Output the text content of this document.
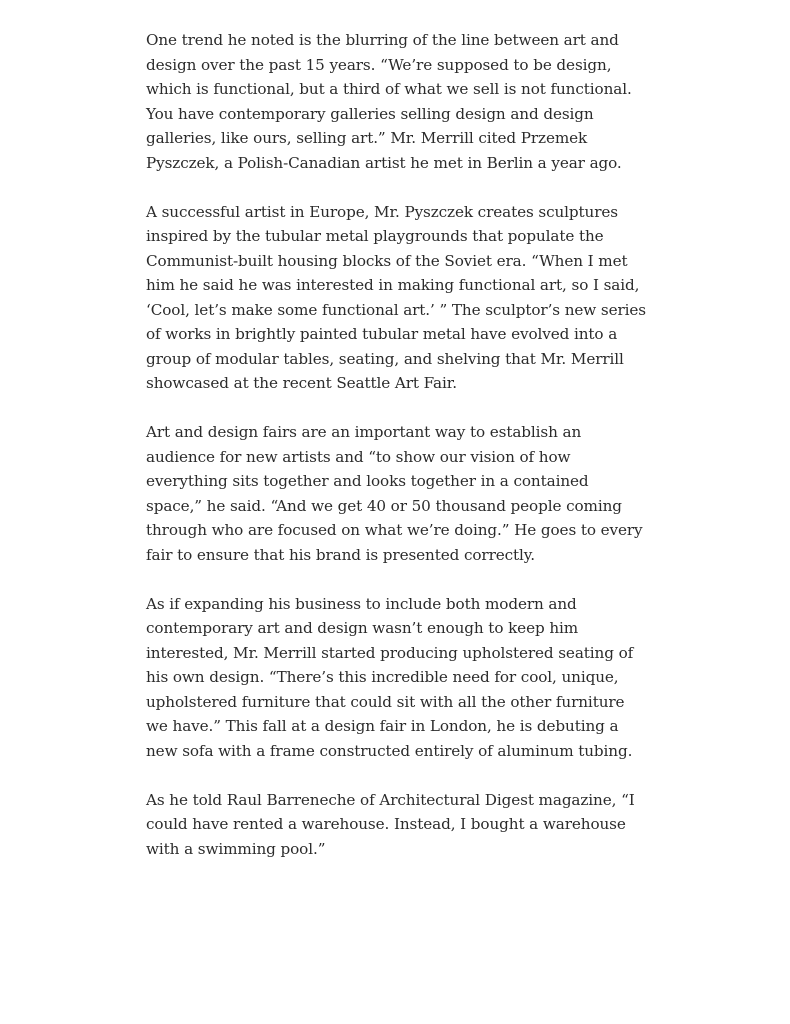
One trend he noted is the blurring of the line between art and design over the past 15 years. “We’re supposed to be design, which is functional, but a third of what we sell is not functional. You have contemporary galleries selling design and design galleries, like ours, selling art.” Mr. Merrill cited Przemek Pyszczek, a Polish-Canadian artist he met in Berlin a year ago.

A successful artist in Europe, Mr. Pyszczek creates sculptures inspired by the tubular metal playgrounds that populate the Communist-built housing blocks of the Soviet era. “When I met him he said he was interested in making functional art, so I said, ‘Cool, let’s make some functional art.’ ” The sculptor’s new series of works in brightly painted tubular metal have evolved into a group of modular tables, seating, and shelving that Mr. Merrill showcased at the recent Seattle Art Fair.

Art and design fairs are an important way to establish an audience for new artists and “to show our vision of how everything sits together and looks together in a contained space,” he said. “And we get 40 or 50 thousand people coming through who are focused on what we’re doing.” He goes to every fair to ensure that his brand is presented correctly.

As if expanding his business to include both modern and contemporary art and design wasn’t enough to keep him interested, Mr. Merrill started producing upholstered seating of his own design. “There’s this incredible need for cool, unique, upholstered furniture that could sit with all the other furniture we have.” This fall at a design fair in London, he is debuting a new sofa with a frame constructed entirely of aluminum tubing.

As he told Raul Barreneche of Architectural Digest magazine, “I could have rented a warehouse. Instead, I bought a warehouse with a swimming pool.”
